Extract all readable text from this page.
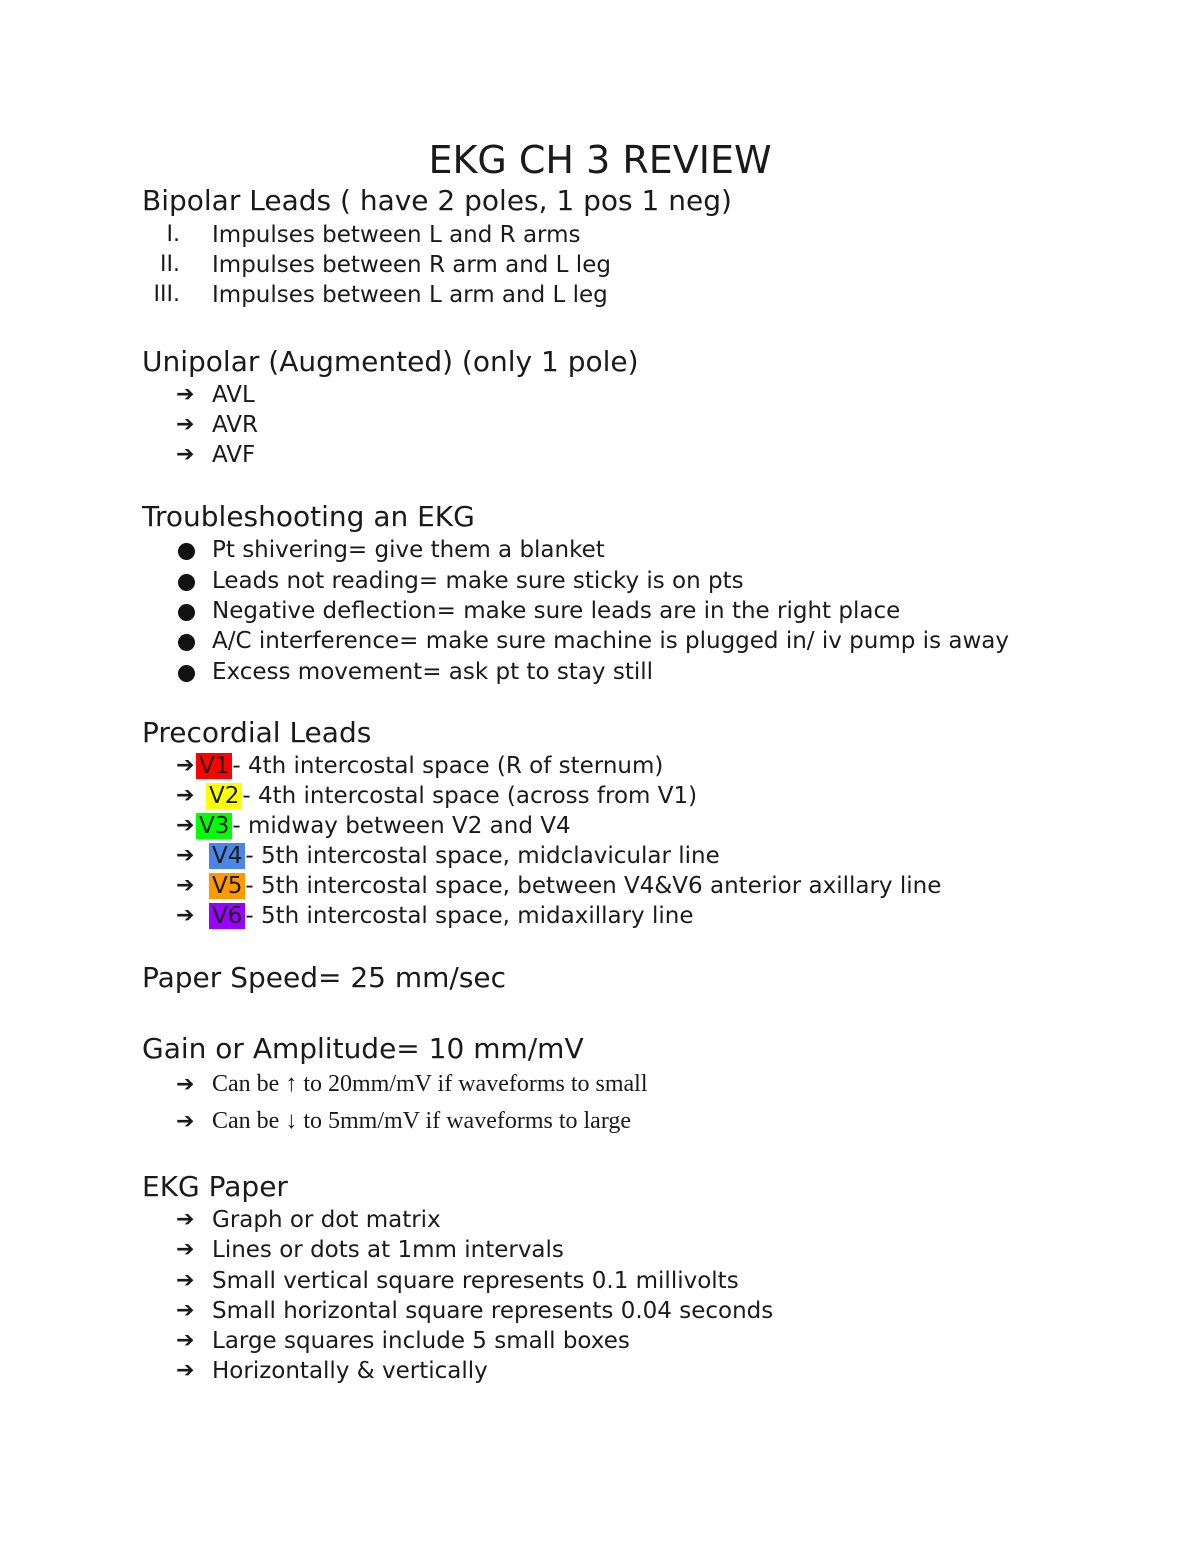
EKG CH 3 REVIEW
Bipolar Leads ( have 2 poles, 1 pos 1 neg)
I. Impulses between L and R arms
II. Impulses between R arm and L leg
III. Impulses between L arm and L leg
Unipolar (Augmented) (only 1 pole)
➔ AVL
➔ AVR
➔ AVF
Troubleshooting an EKG
Pt shivering= give them a blanket
Leads not reading= make sure sticky is on pts
Negative deflection= make sure leads are in the right place
A/C interference= make sure machine is plugged in/ iv pump is away
Excess movement= ask pt to stay still
Precordial Leads
➔ V1 - 4th intercostal space (R of sternum)
➔ V2 - 4th intercostal space (across from V1)
➔ V3 - midway between V2 and V4
➔ V4 - 5th intercostal space, midclavicular line
➔ V5 - 5th intercostal space, between V4&V6 anterior axillary line
➔ V6 - 5th intercostal space, midaxillary line
Paper Speed= 25 mm/sec
Gain or Amplitude= 10 mm/mV
➔ Can be ↑ to 20mm/mV if waveforms to small
➔ Can be ↓ to 5mm/mV if waveforms to large
EKG Paper
➔ Graph or dot matrix
➔ Lines or dots at 1mm intervals
➔ Small vertical square represents 0.1 millivolts
➔ Small horizontal square represents 0.04 seconds
➔ Large squares include 5 small boxes
➔ Horizontally & vertically
